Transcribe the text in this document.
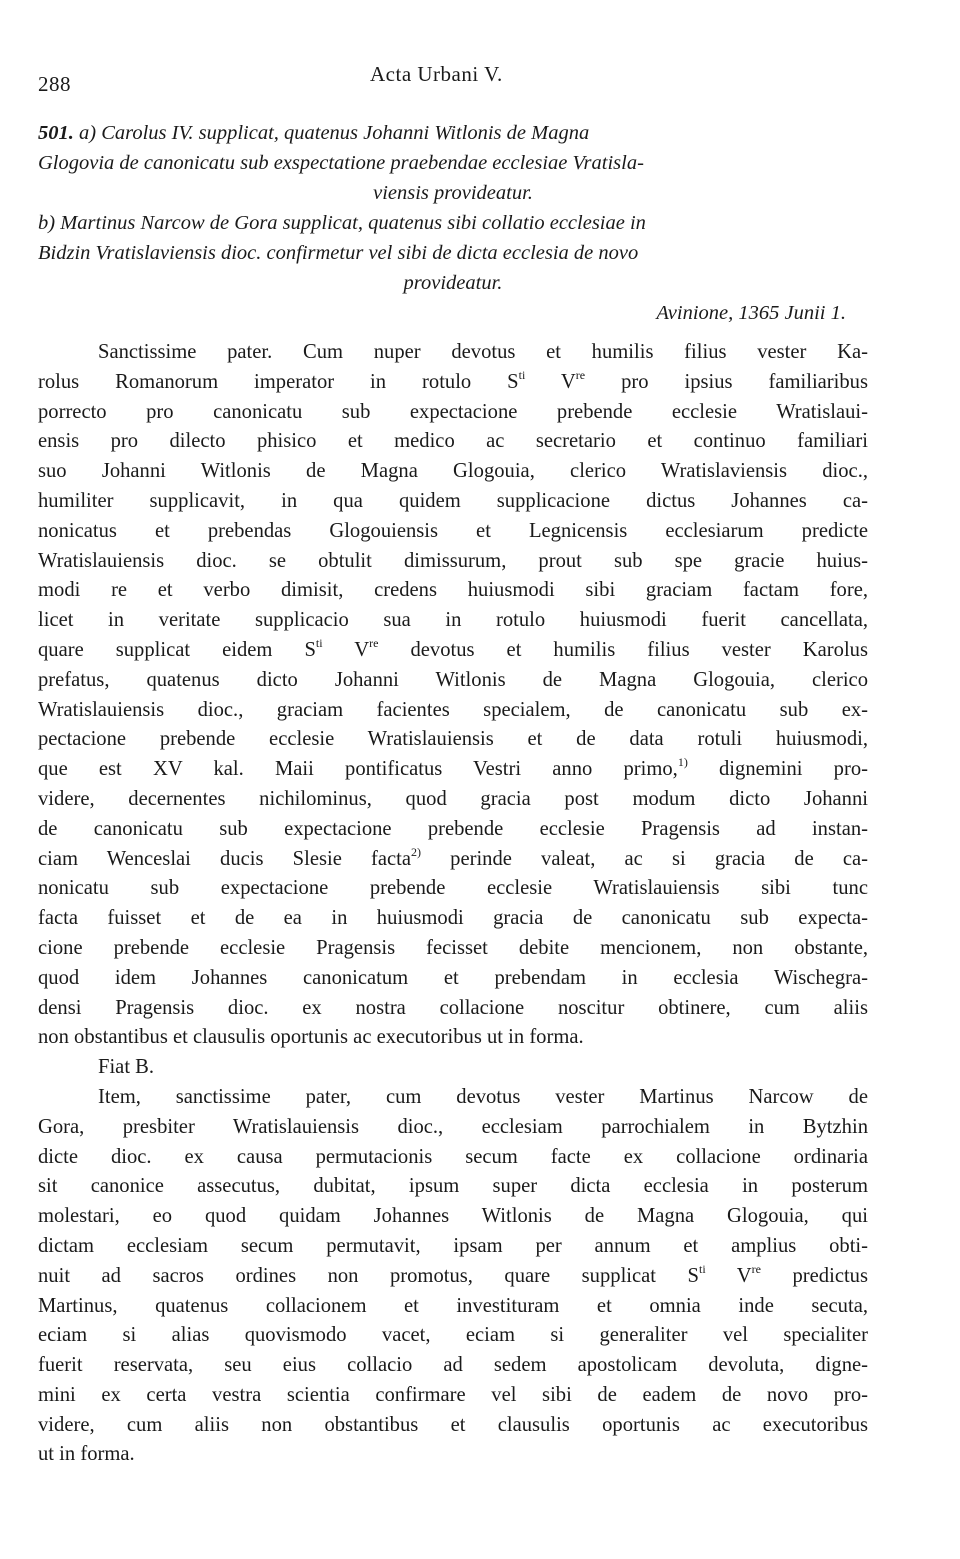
288	Acta Urbani V.
501. a) Carolus IV. supplicat, quatenus Johanni Witlonis de Magna
Glogovia de canonicatu sub exspectatione praebendae ecclesiae Vratisla-
viensis provideatur.
b) Martinus Narcow de Gora supplicat, quatenus sibi collatio ecclesiae in
Bidzin Vratislaviensis dioc. confirmetur vel sibi de dicta ecclesia de novo
provideatur.
Avinione, 1365 Junii 1.
Sanctissime pater. Cum nuper devotus et humilis filius vester Ka-
rolus Romanorum imperator in rotulo $S^{ti}$ Vre pro ipsius familiaribus
porrecto pro canonicatu sub expectacione prebende ecclesie Wratislaui-
ensis pro dilecto phisico et medico ac secretario et continuo familiari
suo Johanni Witlonis de Magna Glogouia, clerico Wratislaviensis dioc.,
humiliter supplicavit, in qua quidem supplicacione dictus Johannes ca-
nonicatus et prebendas Glogouiensis et Legnicensis ecclesiarum predicte
Wratislauiensis dioc. se obtulit dimissurum, prout sub spe gracie huius-
modi re et verbo dimisit, credens huiusmodi sibi graciam factam fore,
licet in veritate supplicacio sua in rotulo huiusmodi fuerit cancellata,
quare supplicat eidem $S^{ti}$ Vre devotus et humilis filius vester Karolus
prefatus, quatenus dicto Johanni Witlonis de Magna Glogouia, clerico
Wratislauiensis dioc., graciam facientes specialem, de canonicatu sub ex-
pectacione prebende ecclesie Wratislauiensis et de data rotuli huiusmodi,
que est XV kal. Maii pontificatus Vestri anno primo,$^{1)}$ dignemini pro-
videre, decernentes nichilominus, quod gracia post modum dicto Johanni
de canonicatu sub expectacione prebende ecclesie Pragensis ad instan-
ciam Wenceslai ducis Slesie facta$^{2)}$ perinde valeat, ac si gracia de ca-
nonicatu sub expectacione prebende ecclesie Wratislauiensis sibi tunc
facta fuisset et de ea in huiusmodi gracia de canonicatu sub expecta-
cione prebende ecclesie Pragensis fecisset debite mencionem, non obstante,
quod idem Johannes canonicatum et prebendam in ecclesia Wischegra-
densi Pragensis dioc. ex nostra collacione noscitur obtinere, cum aliis
non obstantibus et clausulis oportunis ac executoribus ut in forma.
Fiat B.
Item, sanctissime pater, cum devotus vester Martinus Narcow de
Gora, presbiter Wratislauiensis dioc., ecclesiam parrochialem in Bytzhin
dicte dioc. ex causa permutacionis secum facte ex collacione ordinaria
sit canonice assecutus, dubitat, ipsum super dicta ecclesia in posterum
molestari, eo quod quidam Johannes Witlonis de Magna Glogouia, qui
dictam ecclesiam secum permutavit, ipsam per annum et amplius obti-
nuit ad sacros ordines non promotus, quare supplicat $S^{ti}$ Vre predictus
Martinus, quatenus collacionem et investituram et omnia inde secuta,
eciam si alias quovismodo vacet, eciam si generaliter vel specialiter
fuerit reservata, seu eius collacio ad sedem apostolicam devoluta, digne-
mini ex certa vestra scientia confirmare vel sibi de eadem de novo pro-
videre, cum aliis non obstantibus et clausulis oportunis ac executoribus
ut in forma.
